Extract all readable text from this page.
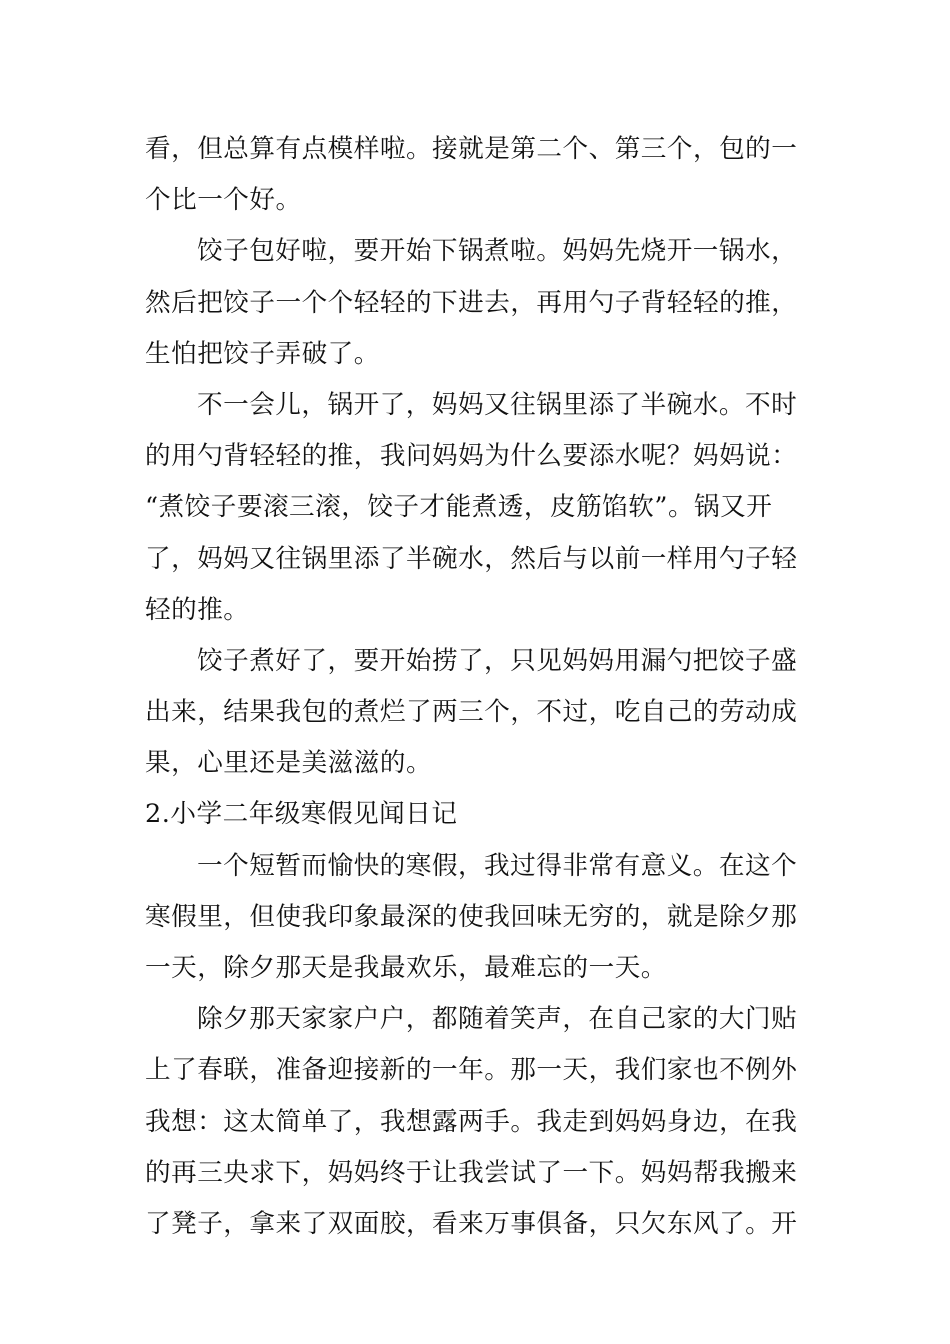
看，但总算有点模样啦。接就是第二个、第三个，包的一
个比一个好。
饺子包好啦，要开始下锅煮啦。妈妈先烧开一锅水，
然后把饺子一个个轻轻的下进去，再用勺子背轻轻的推，
生怕把饺子弄破了。
不一会儿，锅开了，妈妈又往锅里添了半碗水。不时
的用勺背轻轻的推，我问妈妈为什么要添水呢？妈妈说：
“煮饺子要滚三滚，饺子才能煮透，皮筋馅软”。锅又开
了，妈妈又往锅里添了半碗水，然后与以前一样用勺子轻
轻的推。
饺子煮好了，要开始捞了，只见妈妈用漏勺把饺子盛
出来，结果我包的煮烂了两三个，不过，吃自己的劳动成
果，心里还是美滋滋的。
2.小学二年级寒假见闻日记
一个短暂而愉快的寒假，我过得非常有意义。在这个
寒假里，但使我印象最深的使我回味无穷的，就是除夕那
一天，除夕那天是我最欢乐，最难忘的一天。
除夕那天家家户户，都随着笑声，在自己家的大门贴
上了春联，准备迎接新的一年。那一天，我们家也不例外
我想：这太简单了，我想露两手。我走到妈妈身边，在我
的再三央求下，妈妈终于让我尝试了一下。妈妈帮我搬来
了凳子，拿来了双面胶，看来万事俱备，只欠东风了。开
